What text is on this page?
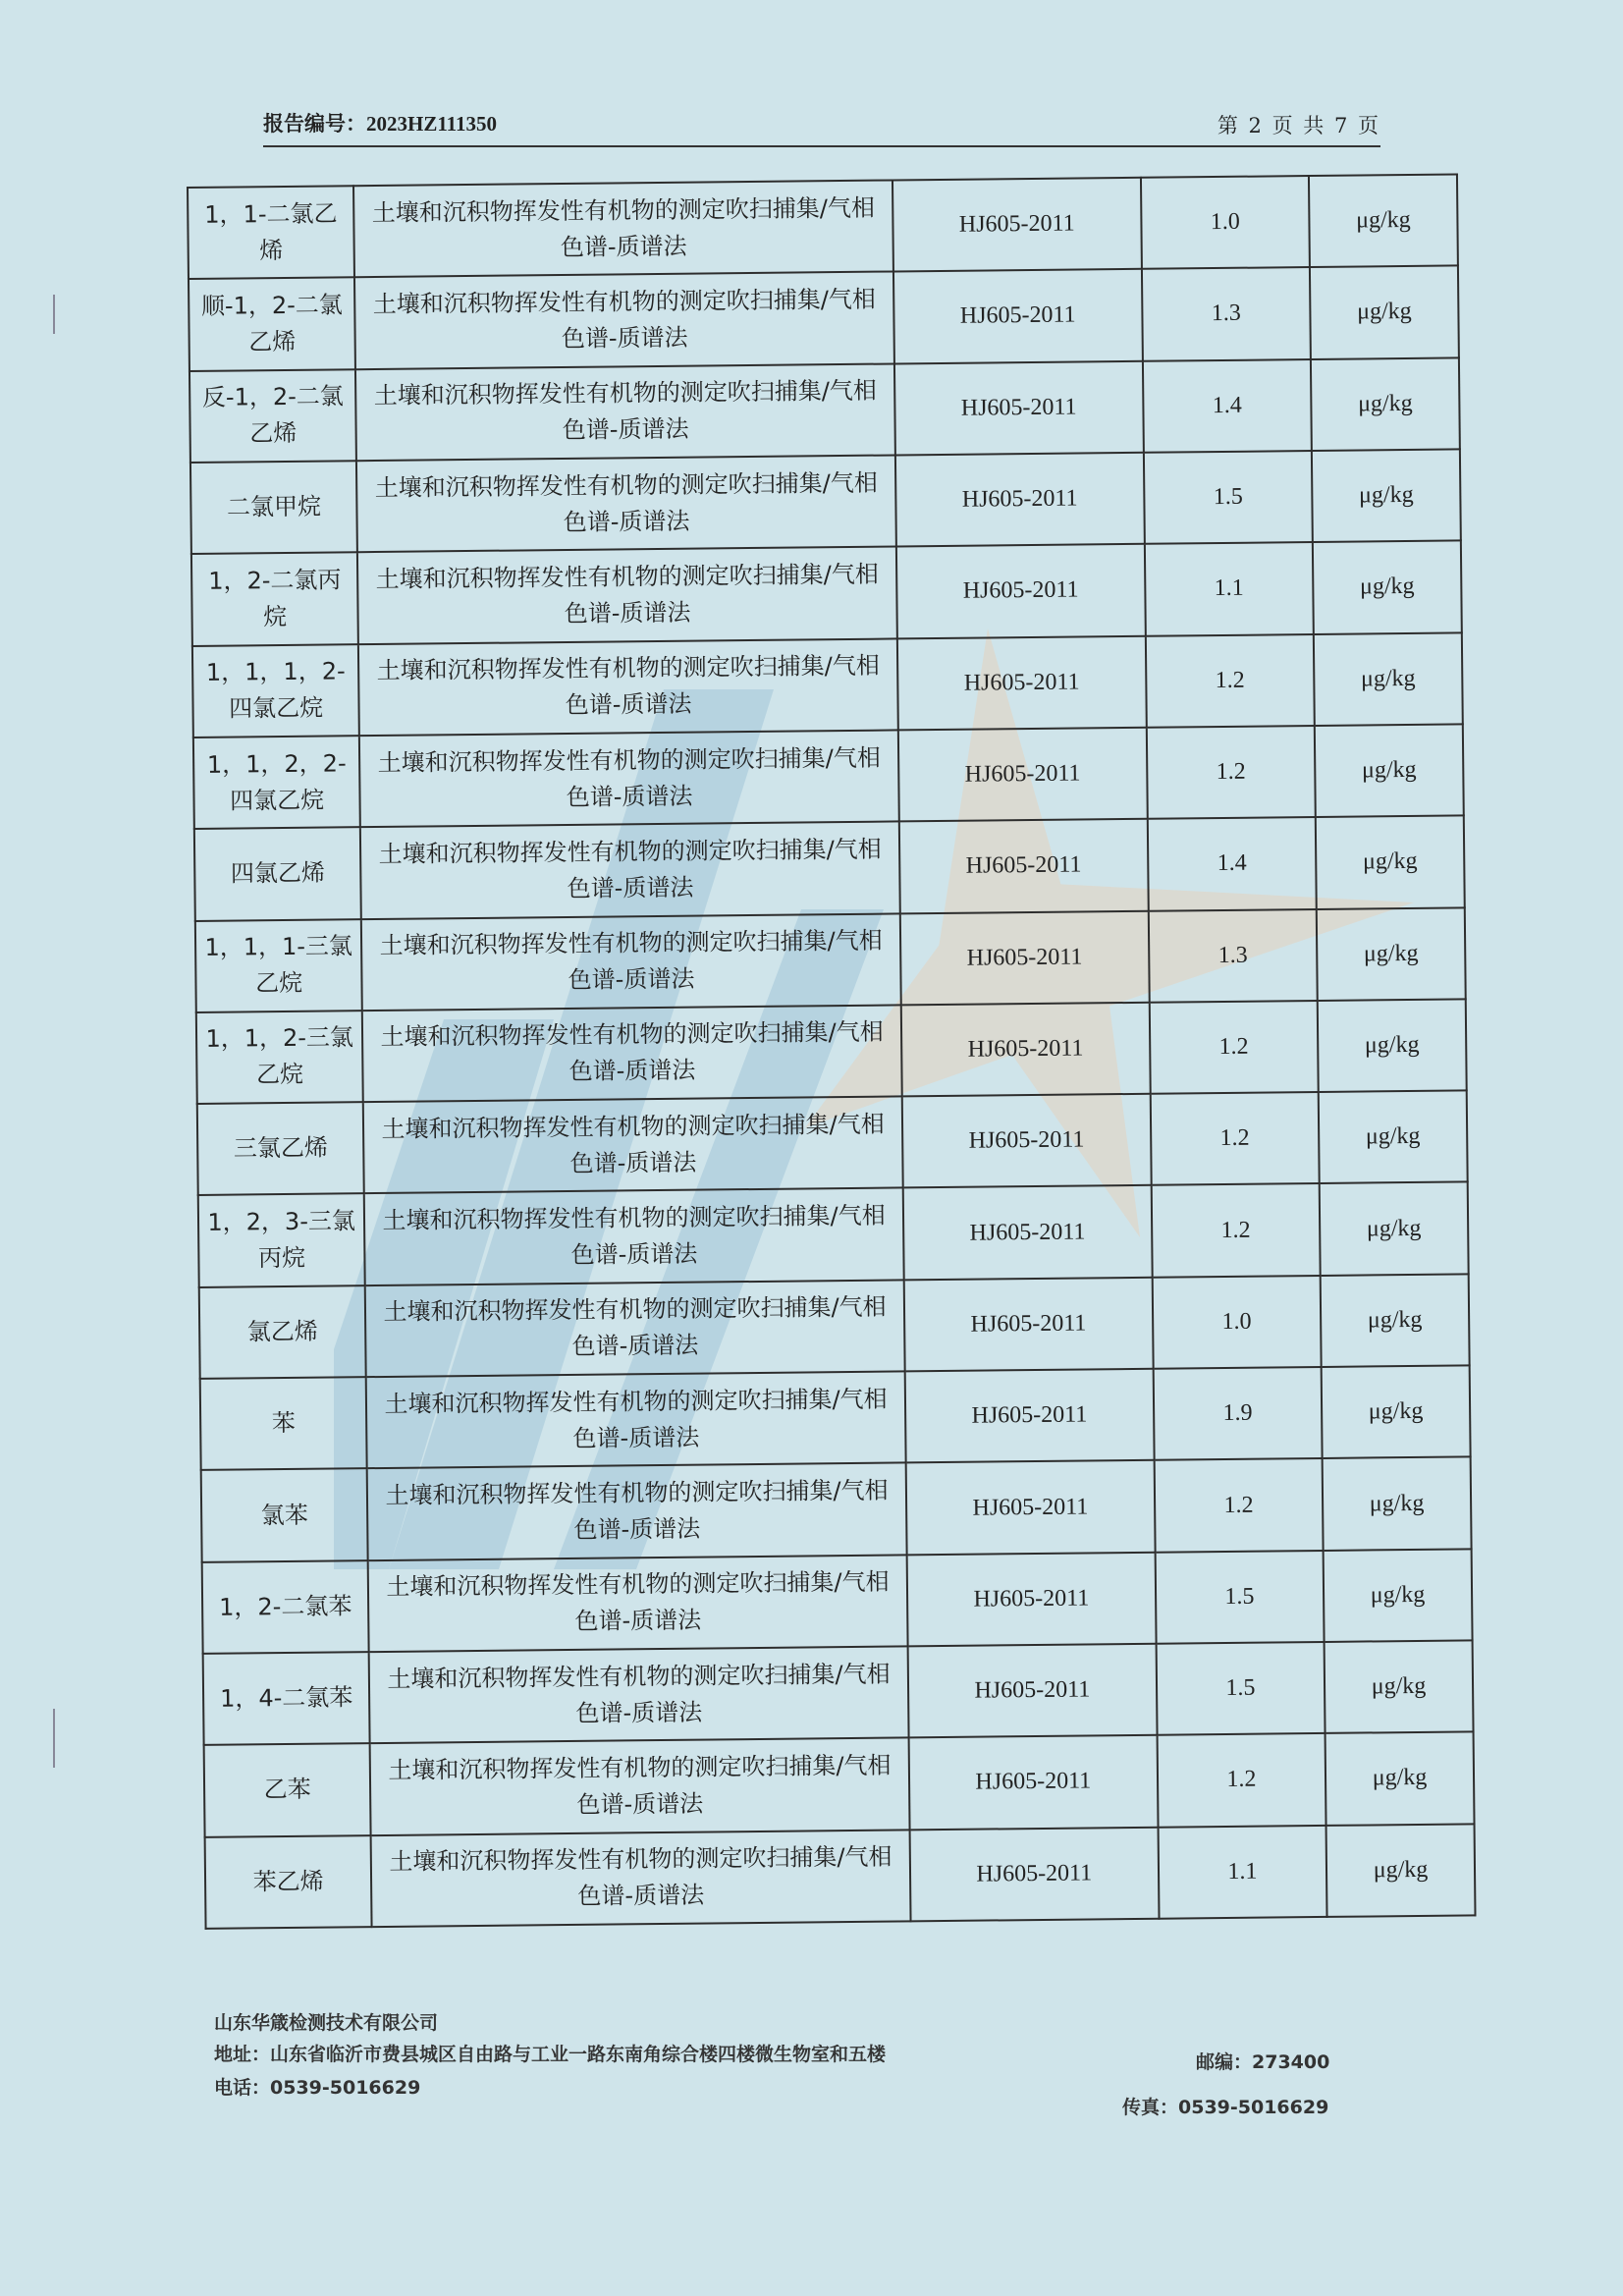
报告编号：2023HZ111350	第 2 页 共 7 页
1，1-二氯乙烯	土壤和沉积物挥发性有机物的测定吹扫捕集/气相色谱-质谱法	HJ605-2011	1.0	μg/kg
顺-1，2-二氯乙烯	土壤和沉积物挥发性有机物的测定吹扫捕集/气相色谱-质谱法	HJ605-2011	1.3	μg/kg
反-1，2-二氯乙烯	土壤和沉积物挥发性有机物的测定吹扫捕集/气相色谱-质谱法	HJ605-2011	1.4	μg/kg
二氯甲烷	土壤和沉积物挥发性有机物的测定吹扫捕集/气相色谱-质谱法	HJ605-2011	1.5	μg/kg
1，2-二氯丙烷	土壤和沉积物挥发性有机物的测定吹扫捕集/气相色谱-质谱法	HJ605-2011	1.1	μg/kg
1，1，1，2-四氯乙烷	土壤和沉积物挥发性有机物的测定吹扫捕集/气相色谱-质谱法	HJ605-2011	1.2	μg/kg
1，1，2，2-四氯乙烷	土壤和沉积物挥发性有机物的测定吹扫捕集/气相色谱-质谱法	HJ605-2011	1.2	μg/kg
四氯乙烯	土壤和沉积物挥发性有机物的测定吹扫捕集/气相色谱-质谱法	HJ605-2011	1.4	μg/kg
1，1，1-三氯乙烷	土壤和沉积物挥发性有机物的测定吹扫捕集/气相色谱-质谱法	HJ605-2011	1.3	μg/kg
1，1，2-三氯乙烷	土壤和沉积物挥发性有机物的测定吹扫捕集/气相色谱-质谱法	HJ605-2011	1.2	μg/kg
三氯乙烯	土壤和沉积物挥发性有机物的测定吹扫捕集/气相色谱-质谱法	HJ605-2011	1.2	μg/kg
1，2，3-三氯丙烷	土壤和沉积物挥发性有机物的测定吹扫捕集/气相色谱-质谱法	HJ605-2011	1.2	μg/kg
氯乙烯	土壤和沉积物挥发性有机物的测定吹扫捕集/气相色谱-质谱法	HJ605-2011	1.0	μg/kg
苯	土壤和沉积物挥发性有机物的测定吹扫捕集/气相色谱-质谱法	HJ605-2011	1.9	μg/kg
氯苯	土壤和沉积物挥发性有机物的测定吹扫捕集/气相色谱-质谱法	HJ605-2011	1.2	μg/kg
1，2-二氯苯	土壤和沉积物挥发性有机物的测定吹扫捕集/气相色谱-质谱法	HJ605-2011	1.5	μg/kg
1，4-二氯苯	土壤和沉积物挥发性有机物的测定吹扫捕集/气相色谱-质谱法	HJ605-2011	1.5	μg/kg
乙苯	土壤和沉积物挥发性有机物的测定吹扫捕集/气相色谱-质谱法	HJ605-2011	1.2	μg/kg
苯乙烯	土壤和沉积物挥发性有机物的测定吹扫捕集/气相色谱-质谱法	HJ605-2011	1.1	μg/kg
山东华箴检测技术有限公司
地址：山东省临沂市费县城区自由路与工业一路东南角综合楼四楼微生物室和五楼
电话：0539-5016629
邮编：273400
传真：0539-5016629
